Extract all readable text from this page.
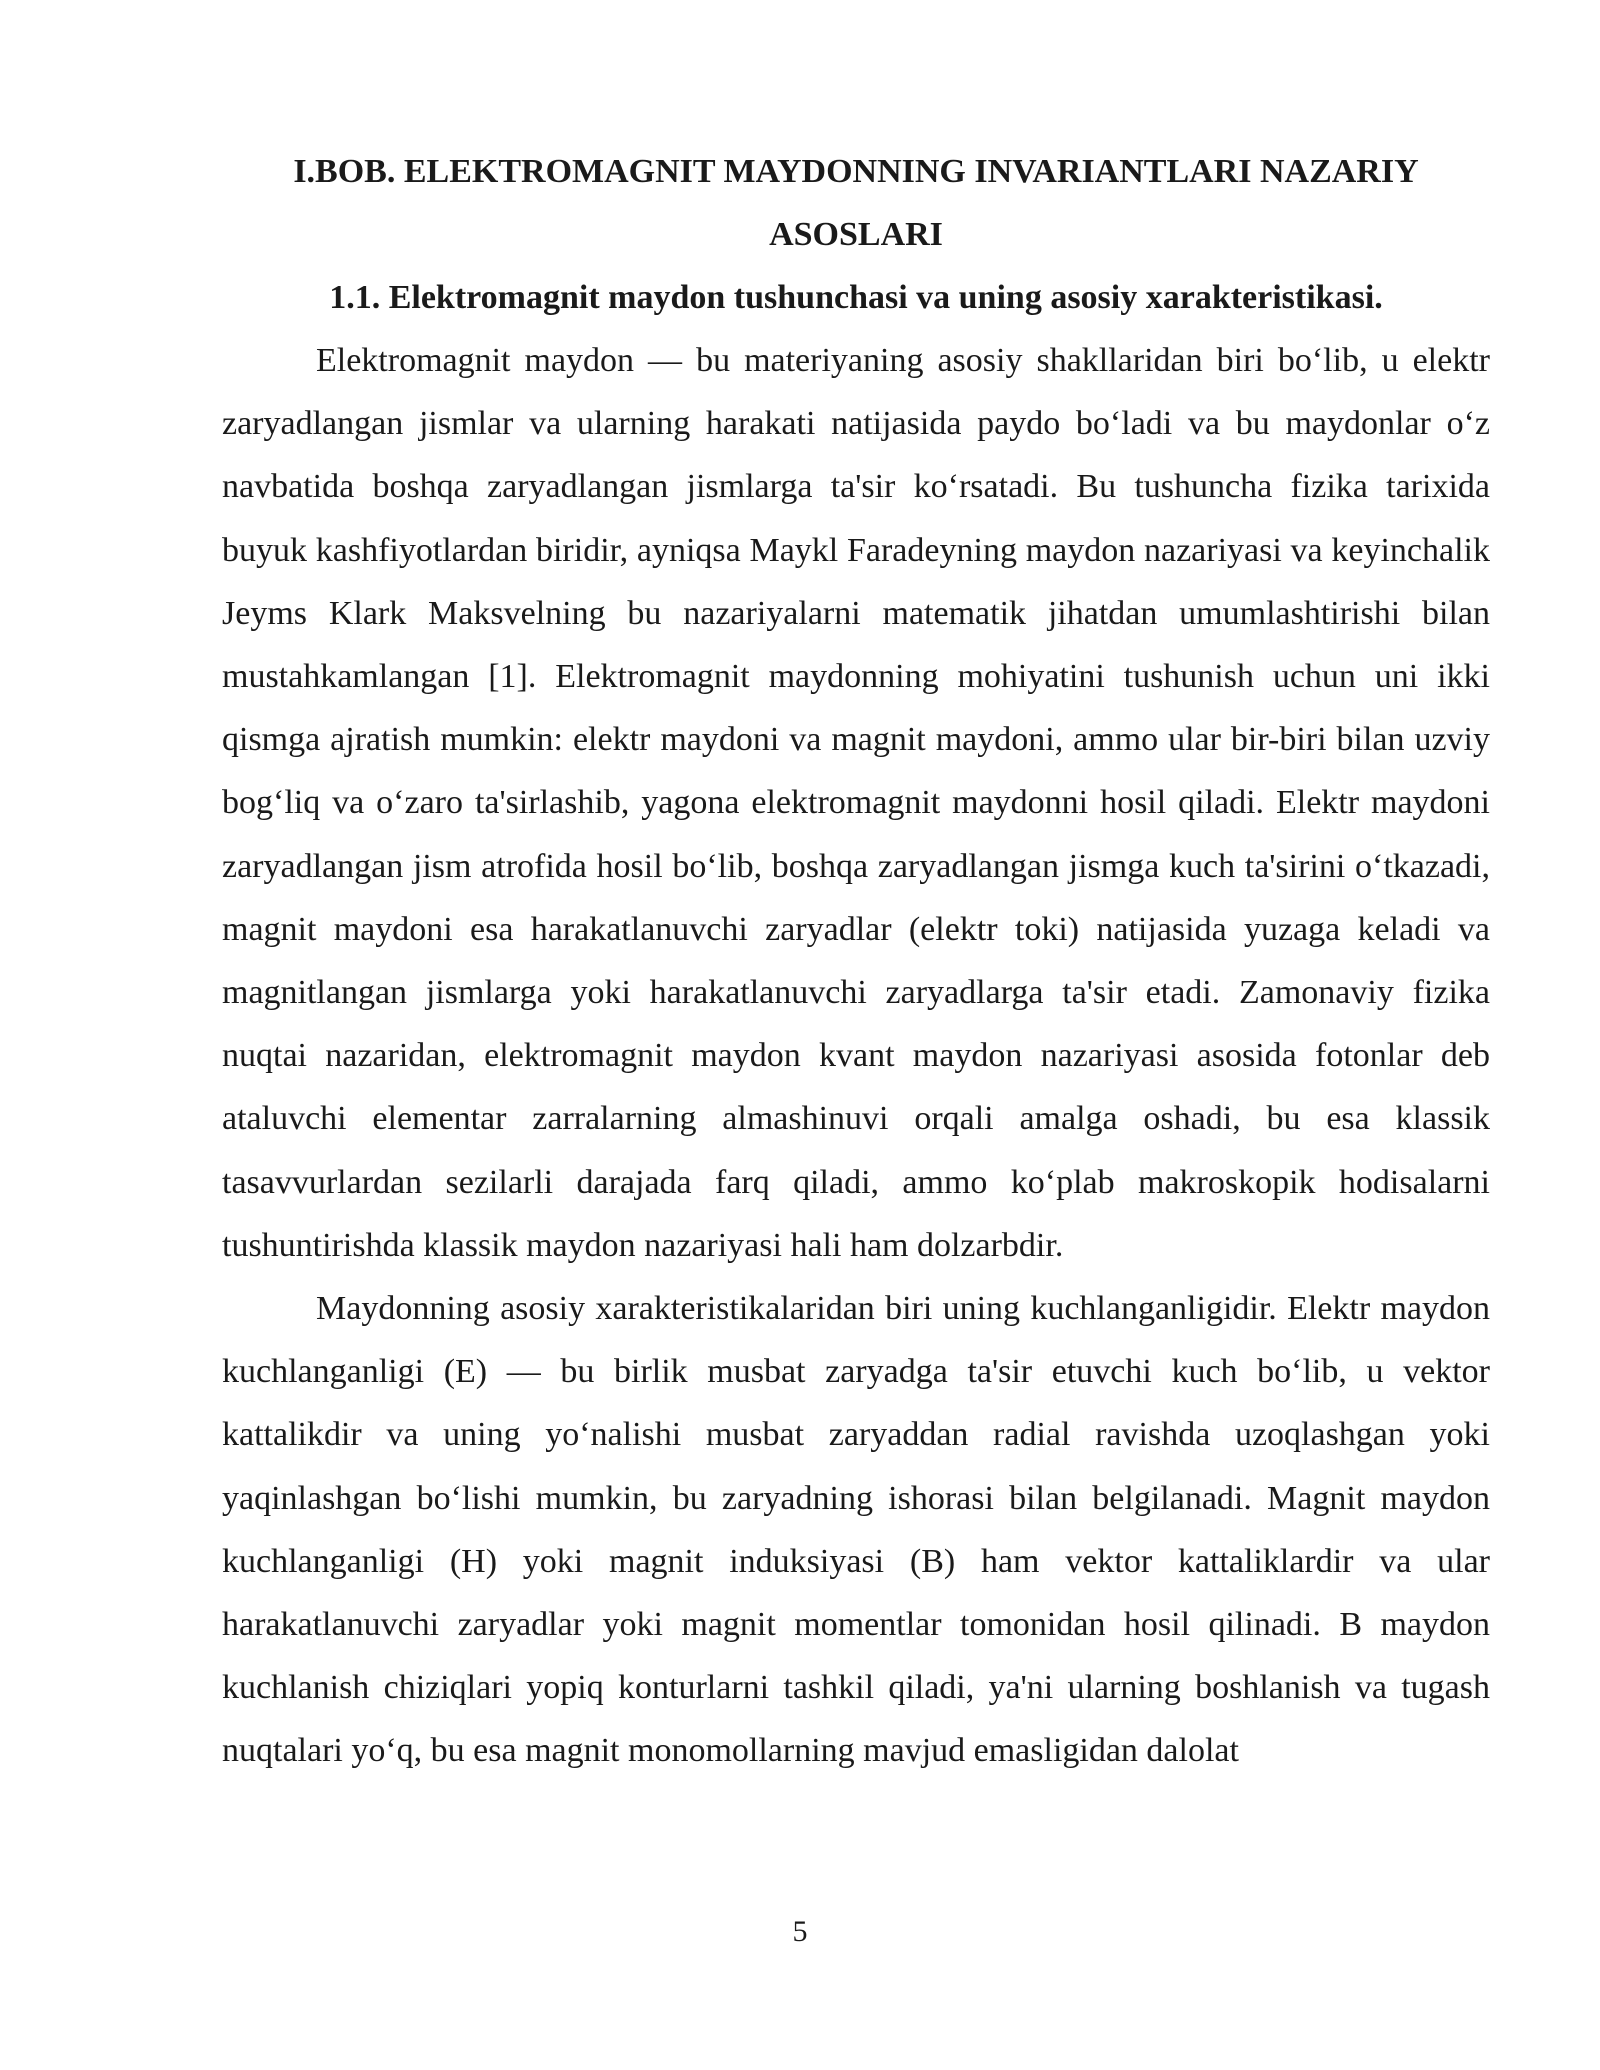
I.BOB. ELEKTROMAGNIT MAYDONNING INVARIANTLARI NAZARIY
ASOSLARI
1.1. Elektromagnit maydon tushunchasi va uning asosiy xarakteristikasi.

Elektromagnit maydon — bu materiyaning asosiy shakllaridan biri bo‘lib, u elektr zaryadlangan jismlar va ularning harakati natijasida paydo bo‘ladi va bu maydonlar o‘z navbatida boshqa zaryadlangan jismlarga ta'sir ko‘rsatadi. Bu tushuncha fizika tarixida buyuk kashfiyotlardan biridir, ayniqsa Maykl Faradeyning maydon nazariyasi va keyinchalik Jeyms Klark Maksvelning bu nazariyalarni matematik jihatdan umumlashtirishi bilan mustahkamlangan [1]. Elektromagnit maydonning mohiyatini tushunish uchun uni ikki qismga ajratish mumkin: elektr maydoni va magnit maydoni, ammo ular bir-biri bilan uzviy bog‘liq va o‘zaro ta'sirlashib, yagona elektromagnit maydonni hosil qiladi. Elektr maydoni zaryadlangan jism atrofida hosil bo‘lib, boshqa zaryadlangan jismga kuch ta'sirini o‘tkazadi, magnit maydoni esa harakatlanuvchi zaryadlar (elektr toki) natijasida yuzaga keladi va magnitlangan jismlarga yoki harakatlanuvchi zaryadlarga ta'sir etadi. Zamonaviy fizika nuqtai nazaridan, elektromagnit maydon kvant maydon nazariyasi asosida fotonlar deb ataluvchi elementar zarralarning almashinuvi orqali amalga oshadi, bu esa klassik tasavvurlardan sezilarli darajada farq qiladi, ammo ko‘plab makroskopik hodisalarni tushuntirishda klassik maydon nazariyasi hali ham dolzarbdir.

Maydonning asosiy xarakteristikalaridan biri uning kuchlanganligidir. Elektr maydon kuchlanganligi (E) — bu birlik musbat zaryadga ta'sir etuvchi kuch bo‘lib, u vektor kattalikdir va uning yo‘nalishi musbat zaryaddan radial ravishda uzoqlashgan yoki yaqinlashgan bo‘lishi mumkin, bu zaryadning ishorasi bilan belgilanadi. Magnit maydon kuchlanganligi (H) yoki magnit induksiyasi (B) ham vektor kattaliklardir va ular harakatlanuvchi zaryadlar yoki magnit momentlar tomonidan hosil qilinadi. B maydon kuchlanish chiziqlari yopiq konturlarni tashkil qiladi, ya'ni ularning boshlanish va tugash nuqtalari yo‘q, bu esa magnit monomollarning mavjud emasligidan dalolat

5
